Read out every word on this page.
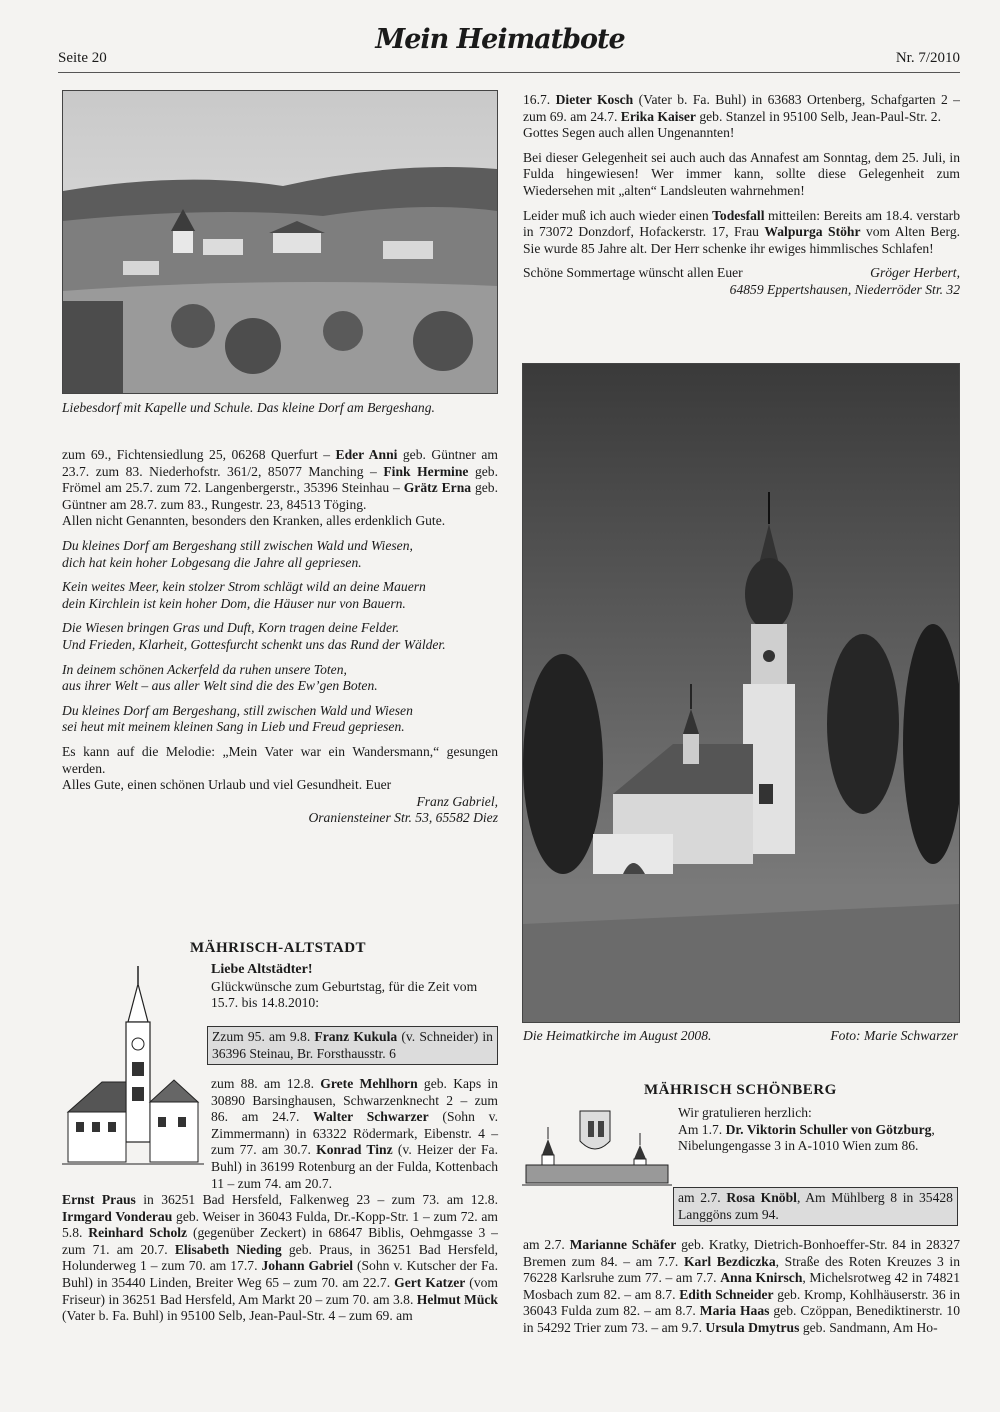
Seite 20
Mein Heimatbote
Nr. 7/2010
Liebesdorf mit Kapelle und Schule. Das kleine Dorf am Bergeshang.

zum 69., Fichtensiedlung 25, 06268 Querfurt – Eder Anni geb. Güntner am 23.7. zum 83. Niederhofstr. 361/2, 85077 Manching – Fink Hermine geb. Frömel am 25.7. zum 72. Langenbergerstr., 35396 Steinhau – Grätz Erna geb. Güntner am 28.7. zum 83., Rungestr. 23, 84513 Töging.

Allen nicht Genannten, besonders den Kranken, alles erdenklich Gute.

Du kleines Dorf am Bergeshang still zwischen Wald und Wiesen,

dich hat kein hoher Lobgesang die Jahre all gepriesen.

Kein weites Meer, kein stolzer Strom schlägt wild an deine Mauern

dein Kirchlein ist kein hoher Dom, die Häuser nur von Bauern.

Die Wiesen bringen Gras und Duft, Korn tragen deine Felder.

Und Frieden, Klarheit, Gottesfurcht schenkt uns das Rund der Wälder.

In deinem schönen Ackerfeld da ruhen unsere Toten,

aus ihrer Welt – aus aller Welt sind die des Ew’gen Boten.

Du kleines Dorf am Bergeshang, still zwischen Wald und Wiesen

sei heut mit meinem kleinen Sang in Lieb und Freud gepriesen.

Es kann auf die Melodie: „Mein Vater war ein Wandersmann,“ gesungen werden.

Alles Gute, einen schönen Urlaub und viel Gesundheit. Euer

Franz Gabriel,

Oraniensteiner Str. 53, 65582 Diez

MÄHRISCH-ALTSTADT

Liebe Altstädter!

Glückwünsche zum Geburtstag, für die Zeit vom 15.7. bis 14.8.2010:

Zzum 95. am 9.8. Franz Kukula (v. Schneider) in 36396 Steinau, Br. Forsthausstr. 6
zum 88. am 12.8. Grete Mehlhorn geb. Kaps in 30890 Barsinghausen, Schwarzenknecht 2 – zum 86. am 24.7. Walter Schwarzer (Sohn v. Zimmermann) in 63322 Rödermark, Eibenstr. 4 – zum 77. am 30.7. Konrad Tinz (v. Heizer der Fa. Buhl) in 36199 Rotenburg an der Fulda, Kottenbach 11 – zum 74. am 20.7.
Ernst Praus in 36251 Bad Hersfeld, Falkenweg 23 – zum 73. am 12.8. Irmgard Vonderau geb. Weiser in 36043 Fulda, Dr.-Kopp-Str. 1 – zum 72. am 5.8. Reinhard Scholz (gegenüber Zeckert) in 68647 Biblis, Oehmgasse 3 – zum 71. am 20.7. Elisabeth Nieding geb. Praus, in 36251 Bad Hersfeld, Holunderweg 1 – zum 70. am 17.7. Johann Gabriel (Sohn v. Kutscher der Fa. Buhl) in 35440 Linden, Breiter Weg 65 – zum 70. am 22.7. Gert Katzer (vom Friseur) in 36251 Bad Hersfeld, Am Markt 20 – zum 70. am 3.8. Helmut Mück (Vater b. Fa. Buhl) in 95100 Selb, Jean-Paul-Str. 4 – zum 69. am

16.7. Dieter Kosch (Vater b. Fa. Buhl) in 63683 Ortenberg, Schafgarten 2 – zum 69. am 24.7. Erika Kaiser geb. Stanzel in 95100 Selb, Jean-Paul-Str. 2.

Gottes Segen auch allen Ungenannten!

Bei dieser Gelegenheit sei auch auch das Annafest am Sonntag, dem 25. Juli, in Fulda hingewiesen! Wer immer kann, sollte diese Gelegenheit zum Wiedersehen mit „alten“ Landsleuten wahrnehmen!

Leider muß ich auch wieder einen Todesfall mitteilen: Bereits am 18.4. verstarb in 73072 Donzdorf, Hofackerstr. 17, Frau Walpurga Stöhr vom Alten Berg. Sie wurde 85 Jahre alt. Der Herr schenke ihr ewiges himmlisches Schlafen!

Schöne Sommertage wünscht allen Euer	Gröger Herbert,

64859 Eppertshausen, Niederröder Str. 32

Die Heimatkirche im August 2008.	Foto: Marie Schwarzer
MÄHRISCH SCHÖNBERG
Wir gratulieren herzlich:
Am 1.7. Dr. Viktorin Schuller von Götzburg, Nibelungengasse 3 in A-1010 Wien zum 86.
am 2.7. Rosa Knöbl, Am Mühlberg 8 in 35428 Langgöns zum 94.
am 2.7. Marianne Schäfer geb. Kratky, Dietrich-Bonhoeffer-Str. 84 in 28327 Bremen zum 84. – am 7.7. Karl Bezdiczka, Straße des Roten Kreuzes 3 in 76228 Karlsruhe zum 77. – am 7.7. Anna Knirsch, Michelsrotweg 42 in 74821 Mosbach zum 82. – am 8.7. Edith Schneider geb. Kromp, Kohlhäuserstr. 36 in 36043 Fulda zum 82. – am 8.7. Maria Haas geb. Czöppan, Benediktinerstr. 10 in 54292 Trier zum 73. – am 9.7. Ursula Dmytrus geb. Sandmann, Am Ho-
